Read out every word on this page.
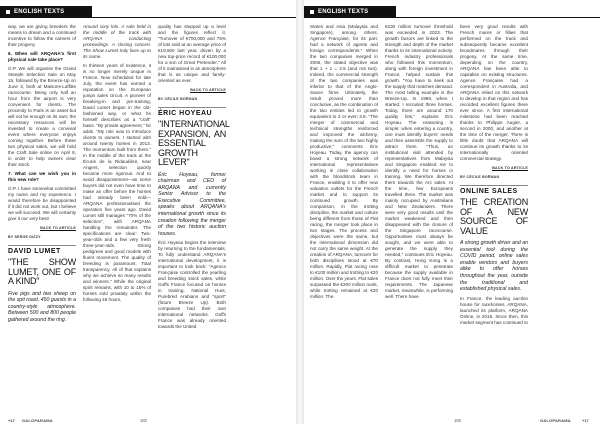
ENGLISH TEXTS

way, we are giving breeders the means to dream and a continued incentive to follow the careers of their progeny.

6. When will ARQANA's first physical sale take place?

G.P. We will organise the Grand Steeple Selection Sale on May 15, followed by the Breeze-Up on June 3, both at Maisons-Laffitte racecourse. Being only half an hour from the airport is very convenient for clients. The proximity to Paris is an asset but will not be enough on its own; the necessary resources will be invested to create a convivial event where everyone enjoys coming together. Before these two physical sales, we will hold the Craft Sale online on April 8, in order to help owners clear their stock.

7. What can we wish you in this new role?

G.P. I have somewhat committed my name and my experience. I would therefore be disappointed if it did not work out, but I believe we will succeed. We will certainly give it our very best!

BACK TO ARTICLE
BY SERGE DIZZY
DAVID LUMET
"THE SHOW LUMET, ONE OF A KIND"

Five pigs and two sheep on the spit roast. 450 guests in a country-style atmosphere. Between 500 and 800 people gathered around the ring.

Around sixty lots. A sale held in the middle of the track with ARQANA conducting proceedings. A closing concert. The Show Lumet truly lives up to its name.

In thirteen years of existence, it is no longer merely unique in France. Now scheduled for late July, the event has earned a reputation on the European jumps sales circuit. A pioneer of breaking-in and pre-training, David Lumet began in the old-fashioned way, or what he himself describes as a "craft" basis. "By private agreement," he adds. "My role was to introduce clients to owners. I started with around twenty horses in 2013. The momentum built from there." In the middle of the track at the Écurie de la Ridaudière, near Angers, selection quickly became more rigorous. And to avoid disappointment—as some buyers did not even have time to make an offer before the horses had already been sold—ARQANA professionalised the operation five years ago. David Lumet still manages "70% of the selection", with ARQANA handling the remainder. The specifications are clear: Two-year-olds and a few very fresh three-year-olds. Strong pedigrees and good models with fluent movement. The quality of breeding is paramount. Total transparency. All of that explains why we achieve so many results and winners." While the original spirit remains, with 10 to 15% of horses sold privately within the following 48 hours,

quality has stepped up a level and the figures reflect it. "Turnover of €700,000 and 75% of lots sold at an average price of €19,500 last year, driven by a new top-price record of €100,000 for a son of Great Pretender." All of it maintained in an atmosphere that is as unique and family-oriented as ever.

BACK TO ARTICLE
BY CÉCILE BOËMAN
ÉRIC HOYEAU
"INTERNATIONAL EXPANSION, AN ESSENTIAL GROWTH LEVER"

Éric Hoyeau, former chairman and CEO of ARQANA and currently Senior Advisor to the Executive Committee, speaks about ARQANA's international growth since its creation following the merger of the two historic auction houses.

Éric Hoyeau begins the interview by returning to the fundamentals. To fully understand ARQANA's international development, it is important to look back: "Agence Française controlled the yearling and breeding stock sales, while Goffs France focused on horses in training, National Hunt, Purebred Arabians and "sport" (future Breeze Up). Both companies had their own international networks. Goffs France was already oriented towards the United

+17 GALOPARAMA	182
ENGLISH TEXTS

States and Asia (Malaysia and Singapore), among others. Agence Française, for its part, had a network of agents and foreign correspondents." When the two companies merged in 2006, the stated objective was that 1 + 1 = 2.5 (and not two). Indeed, the commercial strength of the two companies was inferior to that of the Anglo-Saxon firms. Ultimately, the result proved more than conclusive, as the combination of the two entities led to growth equivalent to 3 or even 3.5. "The merger of commercial and technical strengths reinforced and improved the alchemy, making the sum of the two highly productive," comments Éric Hoyeau. Today, the agency can boast a strong network of international representatives working in close collaboration with the bloodstock team in France, enabling it to offer new valuation outlets for the French market and to support its continued growth. By comparison, in the trotting discipline, the market and culture being different from those of Flat racing, the merger took place in two stages. The process and objectives were the same, but the international dimension did not carry the same weight. At the creation of ARQANA, turnover for both disciplines stood at €70 million. Rapidly, Flat racing rose to €100 million and trotting to €20 million. Over the years, Flat sales surpassed the €200 million mark, while trotting remained at €20 million. The

€230 million turnover threshold was exceeded in 2023. The growth factors are linked to the strength and depth of the market thanks to its international activity. French industry professionals who followed this momentum, along with foreign investment in France, helped sustain this growth. "You have to seek out the supply that matches demand. The most telling example is the Breeze-Up. In 1989, when I started, I recruited three horses. Today, there are around 170 quality lots," explains Éric Hoyeau. The reasoning is simple: when entering a country, one must identify buyers' needs and then assemble the supply to attract them. "Thus, an institutional visit attended by representatives from Malaysia and Singapore enabled me to identify a need for horses in training. We therefore directed them towards the Arc sales. At the time, few Europeans travelled there. The market was mainly occupied by Australians and New Zealanders. There were very good results until the market weakened and then disappeared with the closure of the Singapore racecourse. Opportunities must always be sought, and we were able to generate the supply they needed," continues Éric Hoyeau. By contrast, Hong Kong is a difficult market to penetrate because the supply available in France does not fully meet their requirements. The Japanese market, meanwhile, is performing well. There have

been very good results with French mares or fillies that performed on the track and subsequently became excellent broodmares through their progeny. At the same time, depending on the country, ARQANA has been able to capitalise on existing structures. Agence Française had a correspondent in Australia, and ARQANA relied on this network to develop in that region and has recorded excellent figures there ever since. A first international milestone had been reached thanks to Philippe Augier, a second in 2000, and another at the time of the merger. There is little doubt that ARQANA will continue its growth thanks to its internationally oriented commercial strategy.

BACK TO ARTICLE
BY CÉCILE BOËMAN
ONLINE SALES
THE CREATION OF A NEW SOURCE OF VALUE

A strong growth driver and an essential tool during the COVID period, online sales enable vendors and buyers alike to offer horses throughout the year, outside the traditional and established physical sales.

In France, the leading auction house for racehorses, ARQANA, launched its platform, ARQANA Online, in 2015. Since then, this market segment has continued to

183	GALOPARAMA	+17
